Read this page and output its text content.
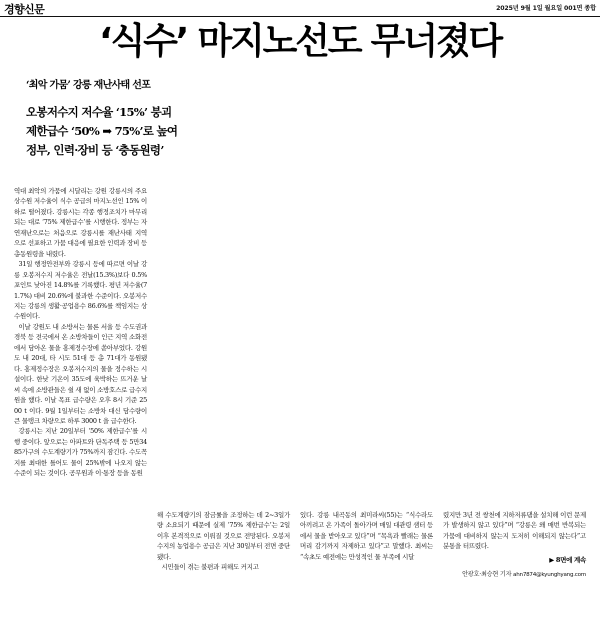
경향신문	2025년 9월 1일 월요일 001면 종합
‘식수’ 마지노선도 무너졌다
‘최악 가뭄’ 강릉 재난사태 선포
오봉저수지 저수율 ‘15%’ 붕괴
제한급수 ‘50% ➡ 75%’로 높여
정부, 인력·장비 등 ‘충동원령’

역대 최악의 가뭄에 시달리는 강원 강릉시의 주요 상수원 저수율이 식수 공급의 마지노선인 15% 이하로 떨어졌다. 강릉시는 각종 행정조치가 마무리되는 대로 ‘75% 제한급수’를 시행한다. 정부는 자연재난으로는 처음으로 강릉시를 재난사태 지역으로 선포하고 가뭄 대응에 필요한 인력과 장비 등 총동원령을 내렸다.

31일 행정안전부와 강릉시 등에 따르면 이날 강릉 오봉저수지 저수율은 전날(15.3%)보다 0.5%포인트 낮아진 14.8%를 기록했다. 평년 저수율(71.7%) 대비 20.6%에 불과한 수준이다. 오봉저수지는 강릉의 생활·공업용수 86.6%를 책임지는 상수원이다.

이날 강원도 내 소방서는 물론 서울 등 수도권과 경북 등 전국에서 온 소방차들이 인근 지역 소화전에서 담아온 물을 홍제정수장에 쏟아부었다. 강원도 내 20대, 타 시도 51대 등 총 71대가 동원됐다. 홍제정수장은 오봉저수지의 물을 정수하는 시설이다. 한낮 기온이 35도에 육박하는 뜨거운 날씨 속에 소방관들은 쉴 새 없이 소방호스로 급수지원을 했다. 이날 목표 급수량은 오후 8시 기준 2500 t 이다. 9월 1일부터는 소방차 대신 담수량이 큰 물탱크 차량으로 하루 3000 t 을 급수한다.

강릉시는 지난 20일부터 ‘50% 제한급수’를 시행 중이다. 앞으로는 아파트와 단독주택 등 5만3485가구의 수도계량기가 75%까지 잠긴다. 수도꼭지를 최대한 틀어도 물이 25%밖에 나오지 않는 수준이 되는 것이다. 공무원과 이·통장 등을 동원

해 수도계량기의 잠금률을 조정하는 데 2~3일가량 소요되기 때문에 실제 ‘75% 제한급수’는 2일 이후 본격적으로 이뤄질 것으로 전망된다. 오봉저수지의 농업용수 공급은 지난 30일부터 전면 중단됐다.

시민들이 겪는 불편과 피해도 커지고

있다. 강릉 내곡동의 최미라씨(55)는 “식수라도 아끼려고 온 가족이 돌아가며 매일 대관령 샘터 등에서 물을 받아오고 있다”며 “목욕과 빨래는 물론 머리 감기까지 자제하고 있다”고 말했다. 최씨는 “속초도 예전에는 만성적인 물 부족에 시달

렸지만 3년 전 쌍천에 지하저류댐을 설치해 이런 문제가 발생하지 않고 있다”며 “강릉은 왜 매번 반복되는 가뭄에 대비하지 않는지 도저히 이해되지 않는다”고 분통을 터뜨렸다.

▶ 8면에 계속
안광호·최승현 기자 ahn7874@kyunghyang.com
